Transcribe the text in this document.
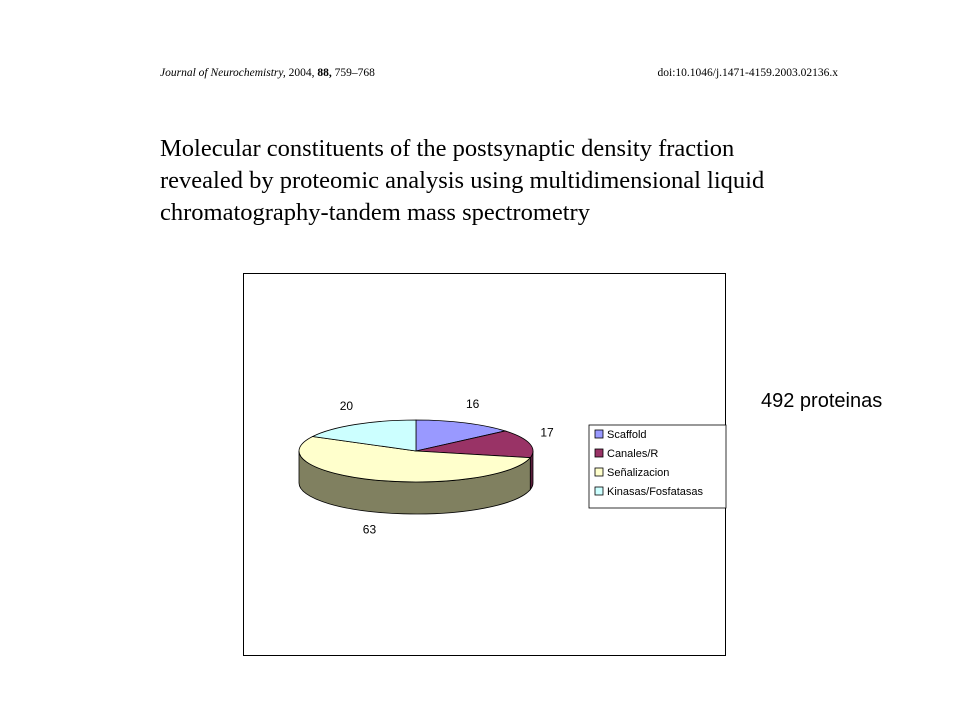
Journal of Neurochemistry, 2004, 88, 759–768	doi:10.1046/j.1471-4159.2003.02136.x
Molecular constituents of the postsynaptic density fraction revealed by proteomic analysis using multidimensional liquid chromatography-tandem mass spectrometry
16
17
63
20
Scaffold
Canales/R
Señalizacion
Kinasas/Fosfatasas
492 proteinas
